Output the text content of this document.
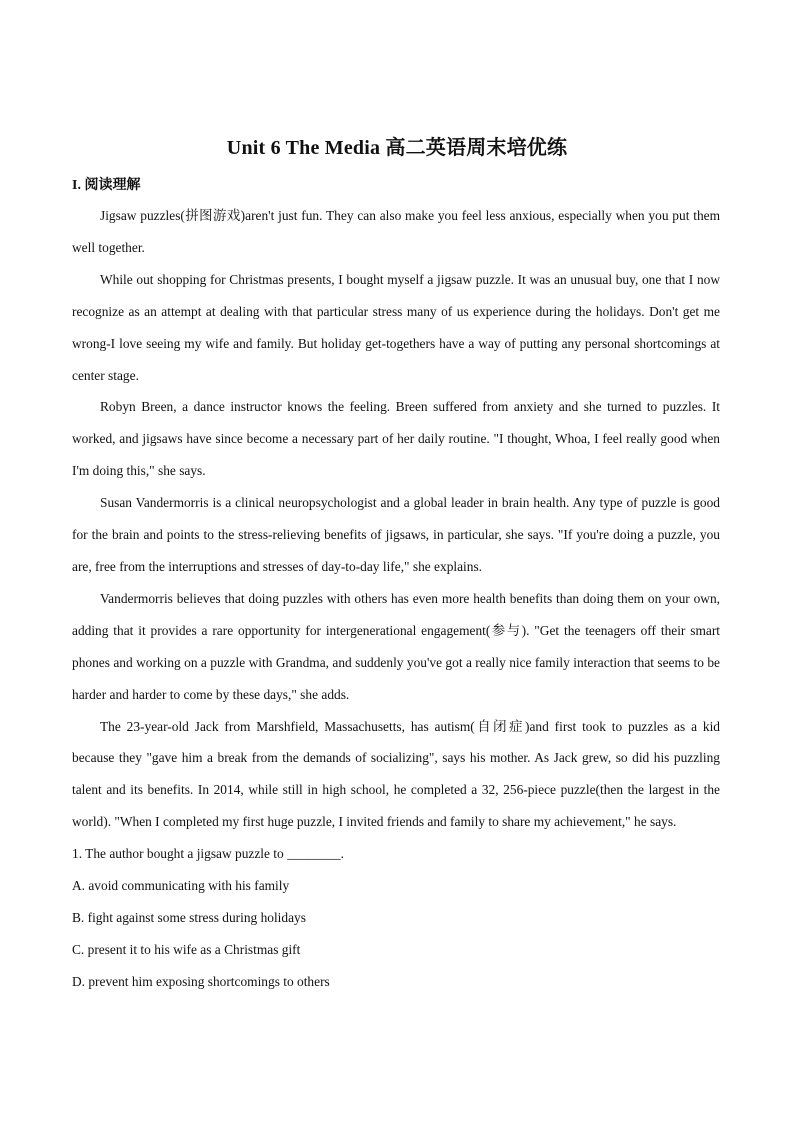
Unit 6 The Media 高二英语周末培优练
I. 阅读理解

Jigsaw puzzles(拼图游戏)aren't just fun. They can also make you feel less anxious, especially when you put them well together.

While out shopping for Christmas presents, I bought myself a jigsaw puzzle. It was an unusual buy, one that I now recognize as an attempt at dealing with that particular stress many of us experience during the holidays. Don't get me wrong-I love seeing my wife and family. But holiday get-togethers have a way of putting any personal shortcomings at center stage.

Robyn Breen, a dance instructor knows the feeling. Breen suffered from anxiety and she turned to puzzles. It worked, and jigsaws have since become a necessary part of her daily routine. "I thought, Whoa, I feel really good when I'm doing this," she says.

Susan Vandermorris is a clinical neuropsychologist and a global leader in brain health. Any type of puzzle is good for the brain and points to the stress-relieving benefits of jigsaws, in particular, she says. "If you're doing a puzzle, you are, free from the interruptions and stresses of day-to-day life," she explains.

Vandermorris believes that doing puzzles with others has even more health benefits than doing them on your own, adding that it provides a rare opportunity for intergenerational engagement(参与). "Get the teenagers off their smart phones and working on a puzzle with Grandma, and suddenly you've got a really nice family interaction that seems to be harder and harder to come by these days," she adds.

The 23-year-old Jack from Marshfield, Massachusetts, has autism(自闭症)and first took to puzzles as a kid because they "gave him a break from the demands of socializing", says his mother. As Jack grew, so did his puzzling talent and its benefits. In 2014, while still in high school, he completed a 32, 256-piece puzzle(then the largest in the world). "When I completed my first huge puzzle, I invited friends and family to share my achievement," he says.

1. The author bought a jigsaw puzzle to ________.

A. avoid communicating with his family

B. fight against some stress during holidays

C. present it to his wife as a Christmas gift

D. prevent him exposing shortcomings to others
